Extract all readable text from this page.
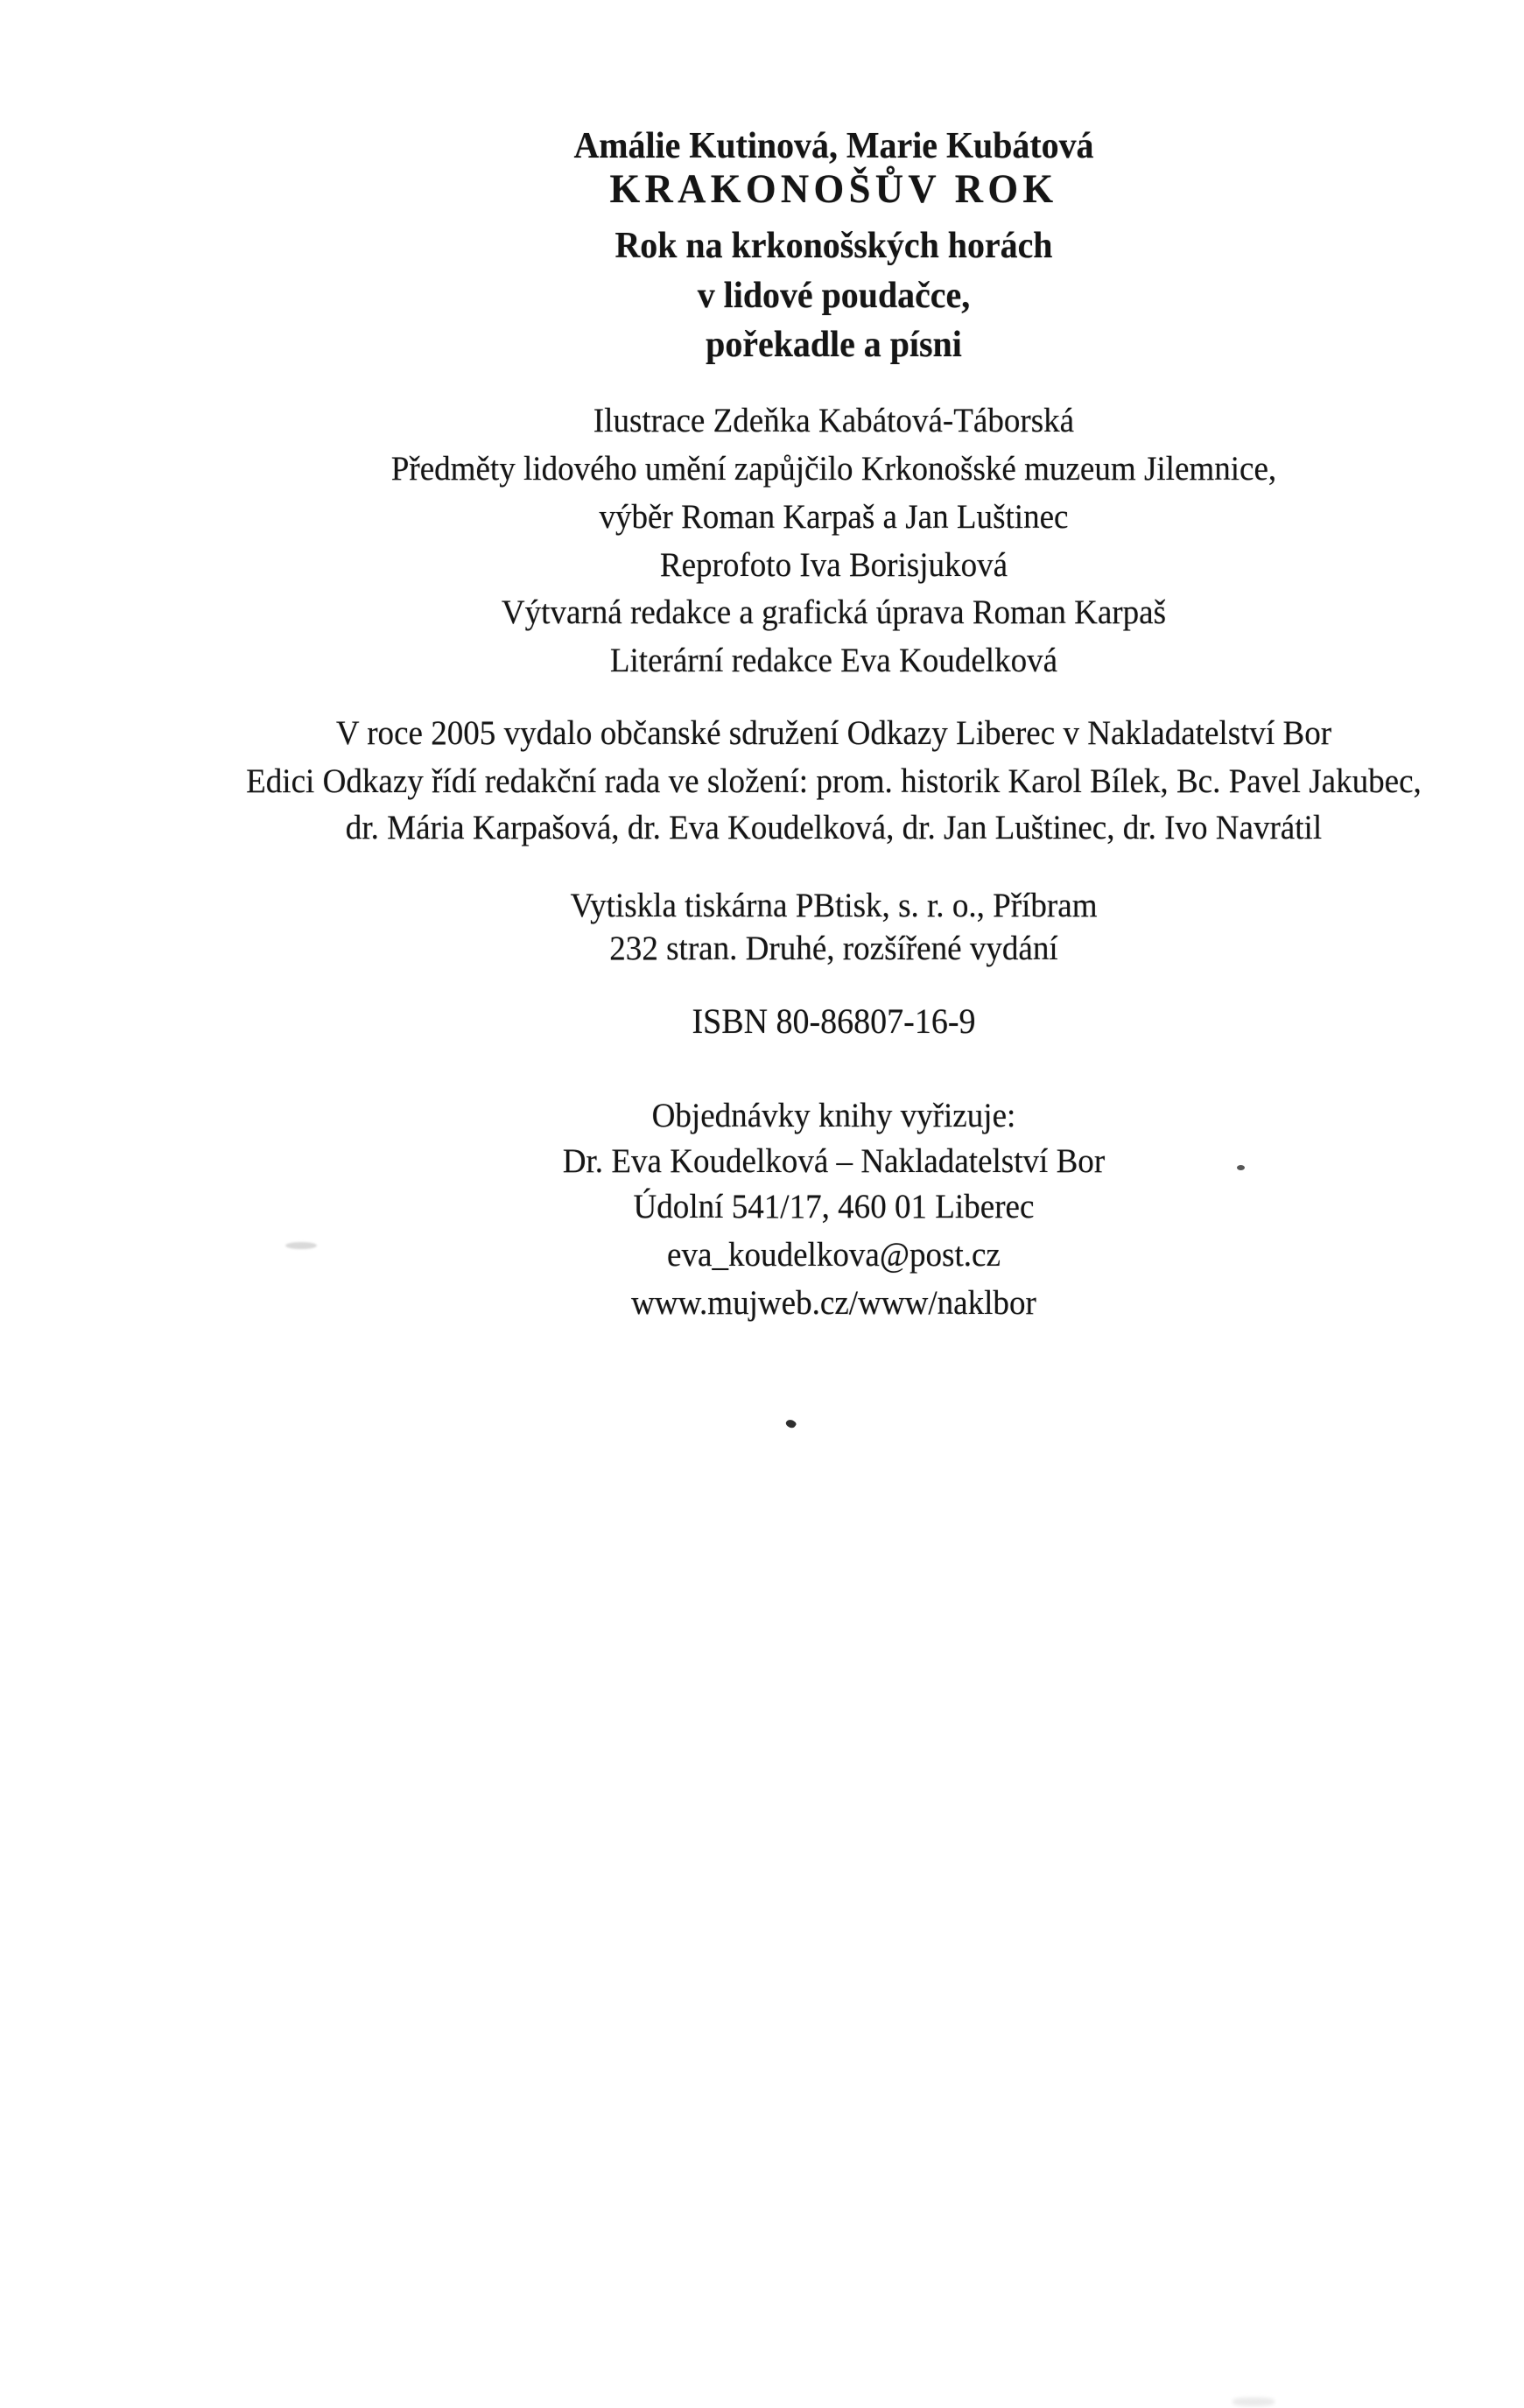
Amálie Kutinová, Marie Kubátová
KRAKONOŠŮV ROK
Rok na krkonošských horách
v lidové poudačce,
pořekadle a písni
Ilustrace Zdeňka Kabátová-Táborská
Předměty lidového umění zapůjčilo Krkonošské muzeum Jilemnice,
výběr Roman Karpaš a Jan Luštinec
Reprofoto Iva Borisjuková
Výtvarná redakce a grafická úprava Roman Karpaš
Literární redakce Eva Koudelková
V roce 2005 vydalo občanské sdružení Odkazy Liberec v Nakladatelství Bor
Edici Odkazy řídí redakční rada ve složení: prom. historik Karol Bílek, Bc. Pavel Jakubec,
dr. Mária Karpašová, dr. Eva Koudelková, dr. Jan Luštinec, dr. Ivo Navrátil
Vytiskla tiskárna PBtisk, s. r. o., Příbram
232 stran. Druhé, rozšířené vydání
ISBN 80-86807-16-9
Objednávky knihy vyřizuje:
Dr. Eva Koudelková – Nakladatelství Bor
Údolní 541/17, 460 01 Liberec
eva_koudelkova@post.cz
www.mujweb.cz/www/naklbor
